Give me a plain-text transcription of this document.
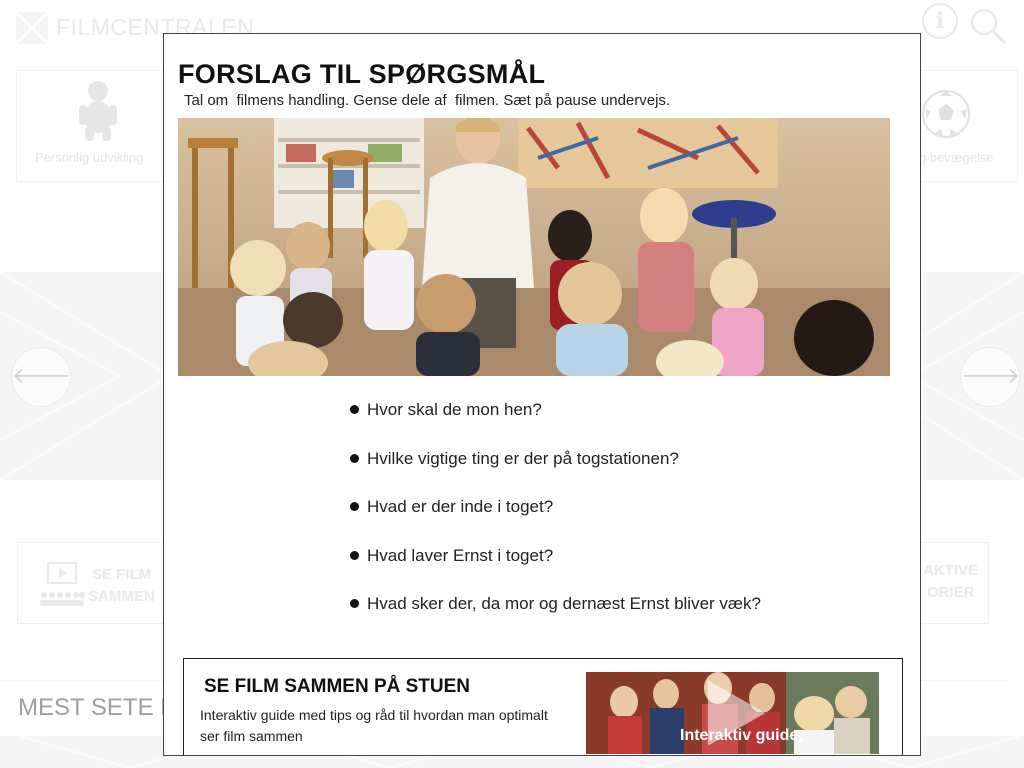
FORSLAG TIL SPØRGSMÅL
Tal om  filmens handling. Gense dele af  filmen. Sæt på pause undervejs.
Hvor skal de mon hen?
Hvilke vigtige ting er der på togstationen?
Hvad er der inde i toget?
Hvad laver Ernst i toget?
Hvad sker der, da mor og dernæst Ernst bliver væk?
SE FILM SAMMEN PÅ STUEN
Interaktiv guide med tips og råd til hvordan man optimalt ser film sammen	Interaktiv guide,
